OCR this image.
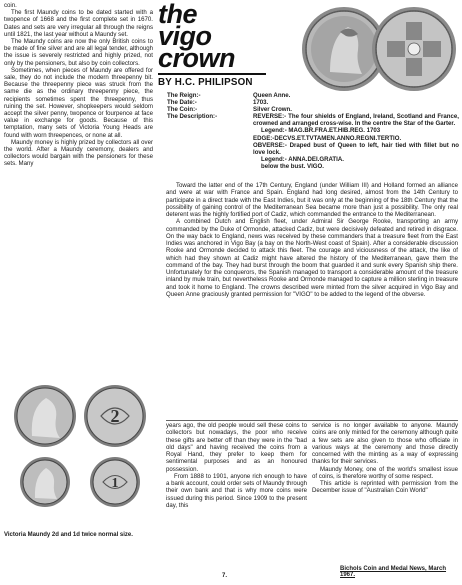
coin.

The first Maundy coins to be dated started with a twopence of 1668 and the first complete set in 1670. Dates and sets are very irregular all through the reigns until 1821, the last year without a Maundy set.

The Maundy coins are now the only British coins to be made of fine silver and are all legal tender, although the issue is severely restricted and highly prized, not only by the pensioners, but also by coin collectors.

Sometimes, when pieces of Maundy are offered for sale, they do not include the modern threepenny bit. Because the threepenny piece was struck from the same die as the ordinary threepenny piece, the recipients sometimes spent the threepenny, thus ruining the set. However, shopkeepers would seldom accept the silver penny, twopence or fourpence at face value in exchange for goods. Because of this temptation, many sets of Victoria Young Heads are found with worn threepences, or none at all.

Maundy money is highly prized by collectors all over the world. After a Maundy ceremony, dealers and collectors would bargain with the pensioners for these sets. Many

the
vigo
crown
BY H.C. PHILIPSON
The Reign:-	Queen Anne.
The Date:-	1703.
The Coin:-	Silver Crown.
The Description:-	REVERSE:- The four shields of England, Ireland, Scotland and France, crowned and arranged cross-wise. In the centre the Star of the Garter.
Legend:- MAG.BR.FRA.ET.HIB.REG. 1703
EDGE:-DECVS.ET.TVTAMEN.ANNO.REGNI.TERTIO.
OBVERSE:- Draped bust of Queen to left, hair tied with fillet but no love lock.
Legend:- ANNA.DEI.GRATIA.
below the bust. VIGO.

Toward the latter end of the 17th Century, England (under William III) and Holland formed an alliance and were at war with France and Spain. England had long desired, almost from the 14th Century to participate in a direct trade with the East Indies, but it was only at the beginning of the 18th Century that the possibility of gaining control of the Mediterranean Sea became more than just a possibility. The only real deterent was the highly fortified port of Cadiz, which commanded the entrance to the Mediterranean.

A combined Dutch and English fleet, under Admiral Sir George Rooke, transporting an army commanded by the Duke of Ormonde, attacked Cadiz, but were decisively defeated and retired in disgrace. On the way back to England, news was received by these commanders that a treasure fleet from the East Indies was anchored in Vigo Bay (a bay on the North-West coast of Spain). After a considerable discussion Rooke and Ormonde decided to attack this fleet. The courage and viciousness of the attack, the like of which had they shown at Cadiz might have altered the history of the Mediterranean, gave them the command of the bay. They had burst through the boom that guarded it and sunk every Spanish ship there. Unfortunately for the conquerors, the Spanish managed to transport a considerable amount of the treasure inland by mule train, but nevertheless Rooke and Ormonde managed to capture a million sterling in treasure and took it home to England. The crowns described were minted from the silver acquired in Vigo Bay and Queen Anne graciously granted permission for "VIGO" to be added to the legend of the obverse.

years ago, the old people would sell these coins to collectors but nowadays, the poor who receive these gifts are better off than they were in the "bad old days" and having received the coins from a Royal Hand, they prefer to keep them for sentimental purposes and as an honoured possession.

From 1888 to 1901, anyone rich enough to have a bank account, could order sets of Maundy through their own bank and that is why more coins were issued during this period. Since 1909 to the present day, this

service is no longer available to anyone. Maundy coins are only minted for the ceremony although quite a few sets are also given to those who officiate in various ways at the ceremony and those directly concerned with the minting as a way of expressing thanks for their services.

Maundy Money, one of the world's smallest issue of coins, is therefore worthy of some respect.

This article is reprinted with permission from the December issue of "Australian Coin World"

Bichols Coin and Medal News, March 1967.
2
1
Victoria Maundy 2d and 1d twice normal size.
7.
